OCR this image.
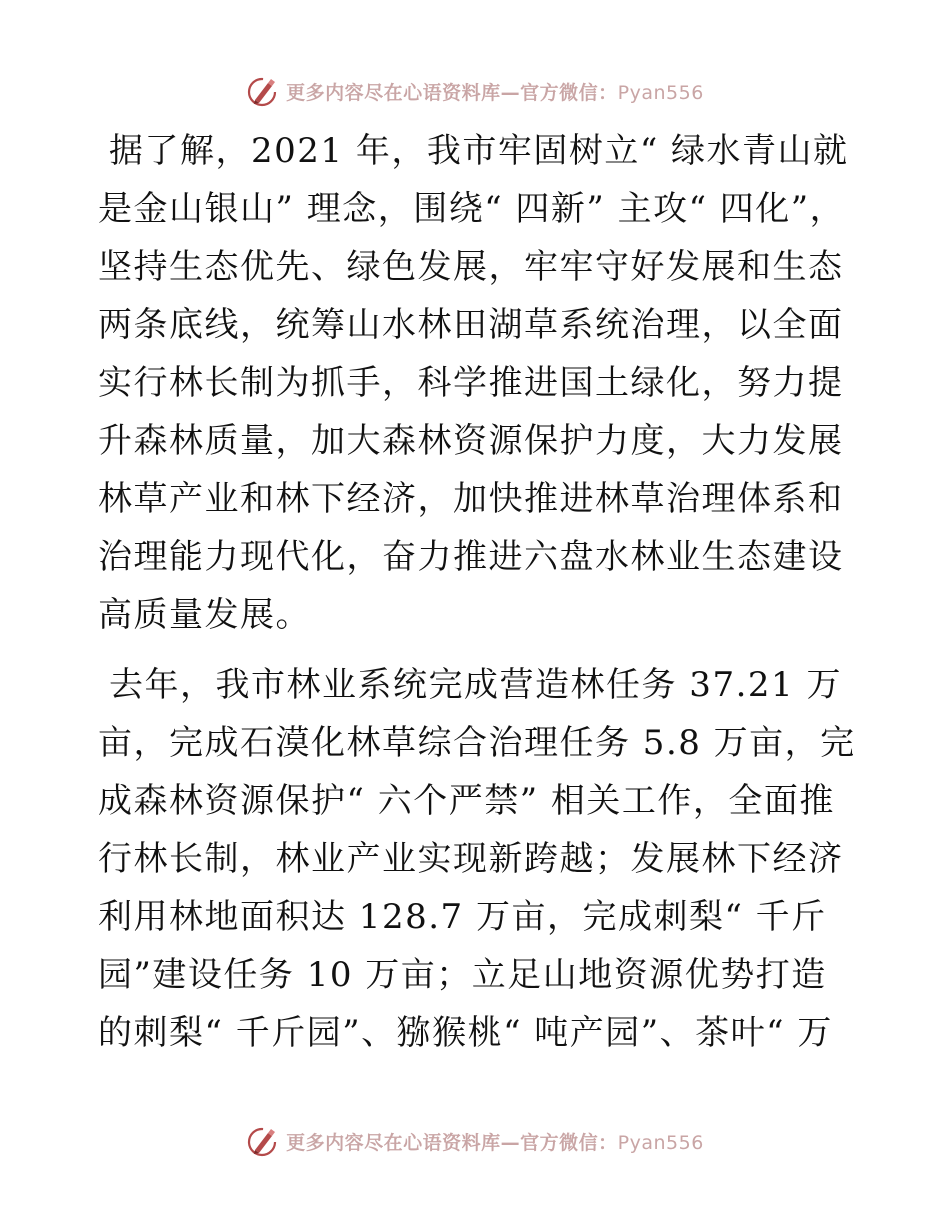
更多内容尽在心语资料库—官方微信：Pyan556

据了解，2021 年，我市牢固树立“ 绿水青山就是金山银山” 理念，围绕“ 四新” 主攻“ 四化”，坚持生态优先、绿色发展，牢牢守好发展和生态两条底线，统筹山水林田湖草系统治理，以全面实行林长制为抓手，科学推进国土绿化，努力提升森林质量，加大森林资源保护力度，大力发展林草产业和林下经济，加快推进林草治理体系和治理能力现代化，奋力推进六盘水林业生态建设高质量发展。

去年，我市林业系统完成营造林任务 37.21 万亩，完成石漠化林草综合治理任务 5.8 万亩，完成森林资源保护“ 六个严禁” 相关工作，全面推行林长制，林业产业实现新跨越；发展林下经济利用林地面积达 128.7 万亩，完成刺梨“ 千斤园”建设任务 10 万亩；立足山地资源优势打造的刺梨“ 千斤园”、猕猴桃“ 吨产园”、茶叶“ 万

更多内容尽在心语资料库—官方微信：Pyan556
